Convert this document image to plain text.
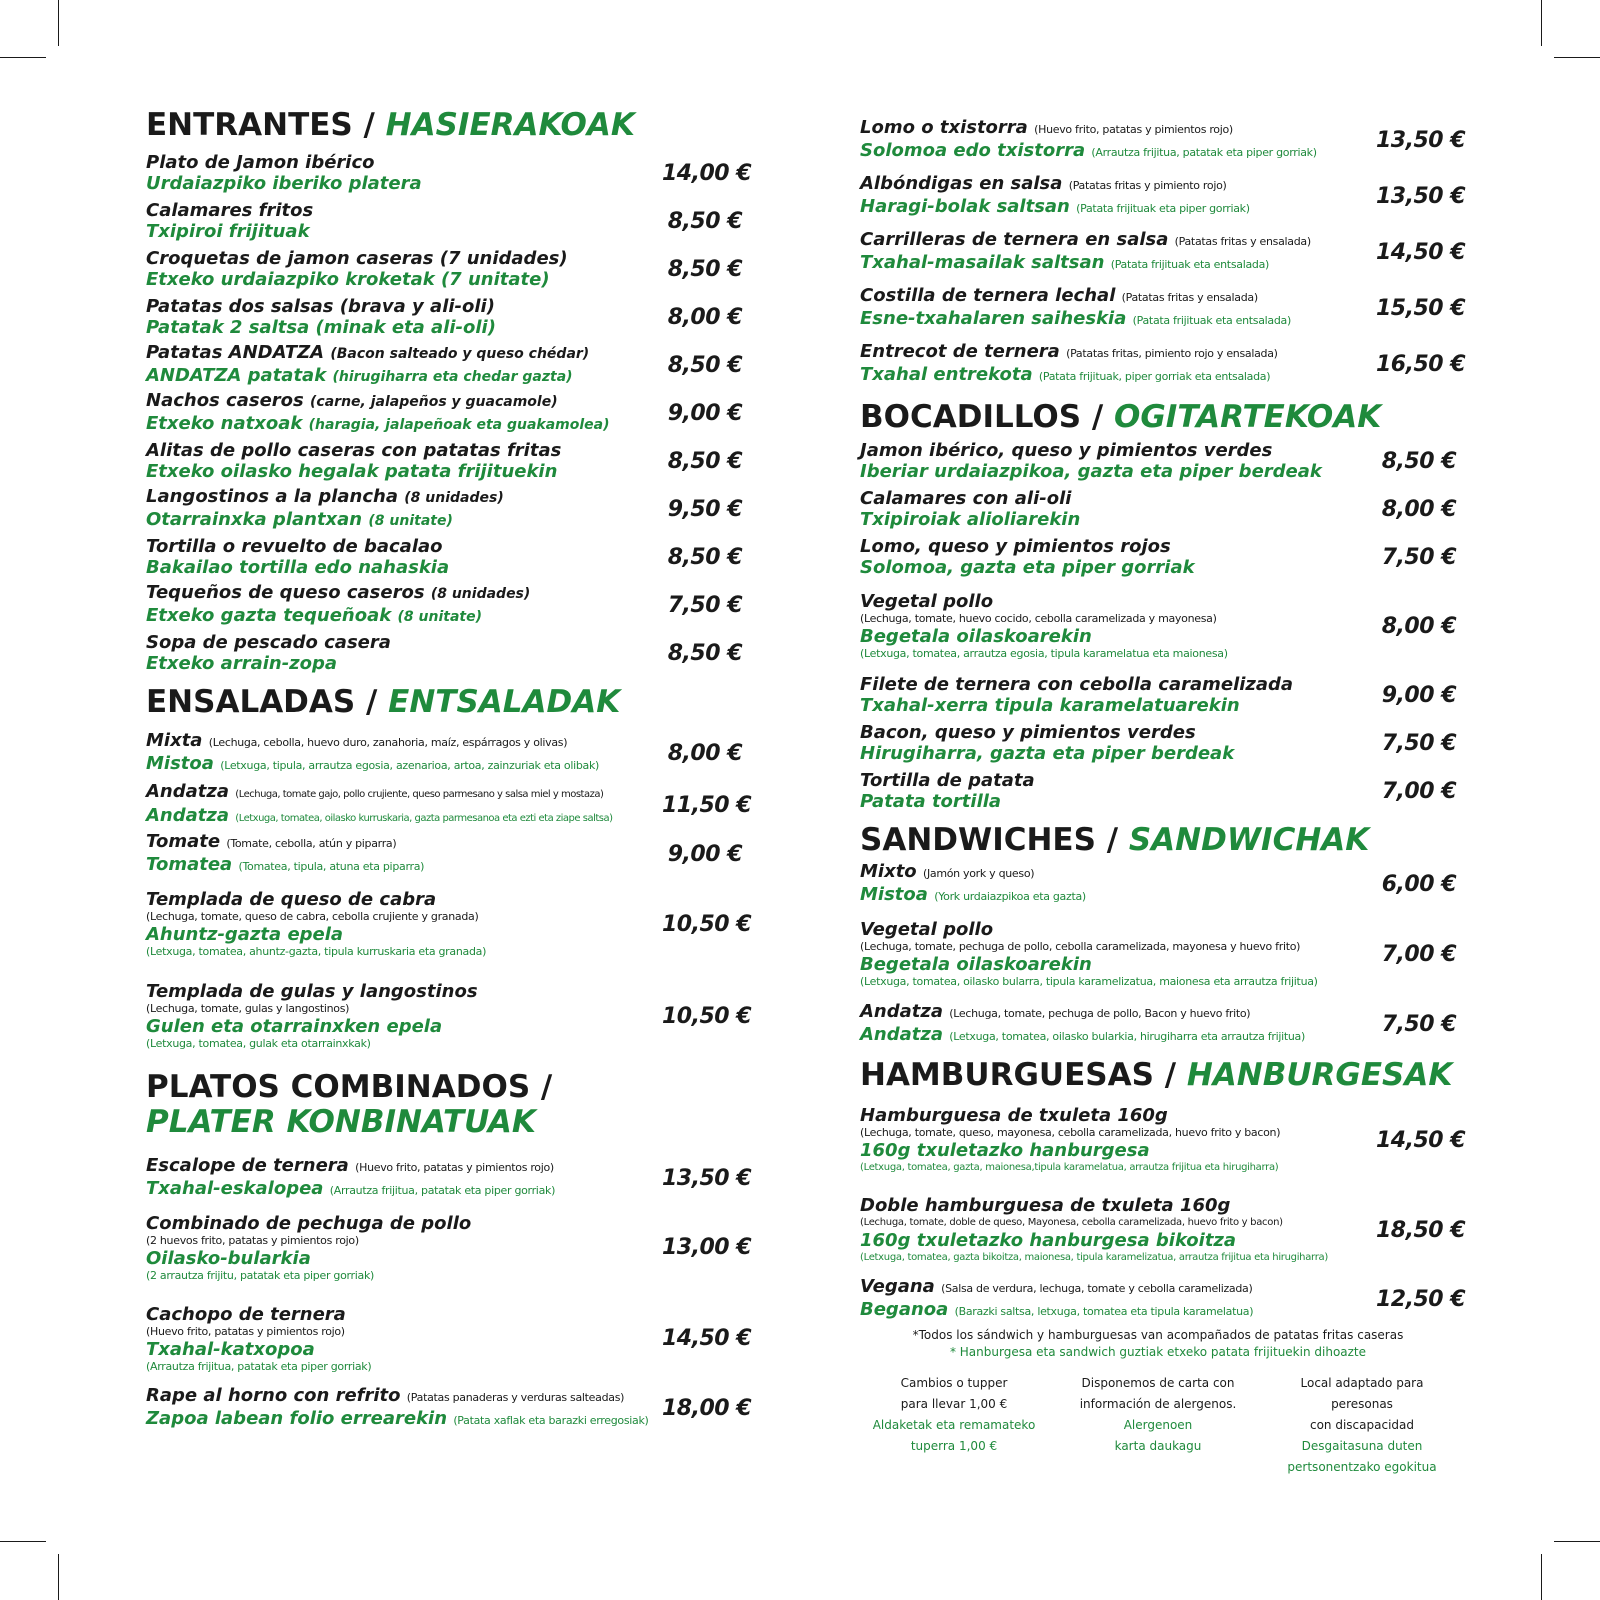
ENTRANTES / HASIERAKOAK
Plato de Jamon ibérico
Urdaiazpiko iberiko platera	14,00 €
Calamares fritos
Txipiroi frijituak	8,50 €
Croquetas de jamon caseras (7 unidades)
Etxeko urdaiazpiko kroketak (7 unitate)	8,50 €
Patatas dos salsas (brava y ali-oli)
Patatak 2 saltsa (minak eta ali-oli)	8,00 €
Patatas ANDATZA (Bacon salteado y queso chédar)
ANDATZA patatak (hirugiharra eta chedar gazta)	8,50 €
Nachos caseros (carne, jalapeños y guacamole)
Etxeko natxoak (haragia, jalapeñoak eta guakamolea)	9,00 €
Alitas de pollo caseras con patatas fritas
Etxeko oilasko hegalak patata frijituekin	8,50 €
Langostinos a la plancha (8 unidades)
Otarrainxka plantxan (8 unitate)	9,50 €
Tortilla o revuelto de bacalao
Bakailao tortilla edo nahaskia	8,50 €
Tequeños de queso caseros (8 unidades)
Etxeko gazta tequeñoak (8 unitate)	7,50 €
Sopa de pescado casera
Etxeko arrain-zopa	8,50 €
ENSALADAS / ENTSALADAK
Mixta (Lechuga, cebolla, huevo duro, zanahoria, maíz, espárragos y olivas)
Mistoa (Letxuga, tipula, arrautza egosia, azenarioa, artoa, zainzuriak eta olibak)	8,00 €
Andatza (Lechuga, tomate gajo, pollo crujiente, queso parmesano y salsa miel y mostaza)
Andatza (Letxuga, tomatea, oilasko kurruskaria, gazta parmesanoa eta ezti eta ziape saltsa)
11,50 €
Tomate (Tomate, cebolla, atún y piparra)
Tomatea (Tomatea, tipula, atuna eta piparra)	9,00 €
Templada de queso de cabra
(Lechuga, tomate, queso de cabra, cebolla crujiente y granada)
Ahuntz-gazta epela
(Letxuga, tomatea, ahuntz-gazta, tipula kurruskaria eta granada)
10,50 €
Templada de gulas y langostinos
(Lechuga, tomate, gulas y langostinos)
Gulen eta otarrainxken epela
(Letxuga, tomatea, gulak eta otarrainxkak)
10,50 €
PLATOS COMBINADOS /
PLATER KONBINATUAK
Escalope de ternera (Huevo frito, patatas y pimientos rojo)
Txahal-eskalopea (Arrautza frijitua, patatak eta piper gorriak)	13,50 €
Combinado de pechuga de pollo
(2 huevos frito, patatas y pimientos rojo)
Oilasko-bularkia
(2 arrautza frijitu, patatak eta piper gorriak)
13,00 €
Cachopo de ternera
(Huevo frito, patatas y pimientos rojo)
Txahal-katxopoa
(Arrautza frijitua, patatak eta piper gorriak)
14,50 €
Rape al horno con refrito (Patatas panaderas y verduras salteadas)
Zapoa labean folio errearekin (Patata xaflak eta barazki erregosiak) 18,00 €
Lomo o txistorra (Huevo frito, patatas y pimientos rojo)
Solomoa edo txistorra (Arrautza frijitua, patatak eta piper gorriak)	13,50 €
Albóndigas en salsa (Patatas fritas y pimiento rojo)
Haragi-bolak saltsan (Patata frijituak eta piper gorriak)	13,50 €
Carrilleras de ternera en salsa (Patatas fritas y ensalada)
Txahal-masailak saltsan (Patata frijituak eta entsalada)	14,50 €
Costilla de ternera lechal (Patatas fritas y ensalada)
Esne-txahalaren saiheskia (Patata frijituak eta entsalada)	15,50 €
Entrecot de ternera (Patatas fritas, pimiento rojo y ensalada)
Txahal entrekota (Patata frijituak, piper gorriak eta entsalada)	16,50 €
BOCADILLOS / OGITARTEKOAK
Jamon ibérico, queso y pimientos verdes
Iberiar urdaiazpikoa, gazta eta piper berdeak	8,50 €
Calamares con ali-oli
Txipiroiak alioliarekin	8,00 €
Lomo, queso y pimientos rojos
Solomoa, gazta eta piper gorriak	7,50 €
Vegetal pollo
(Lechuga, tomate, huevo cocido, cebolla caramelizada y mayonesa)
Begetala oilaskoarekin
(Letxuga, tomatea, arrautza egosia, tipula karamelatua eta maionesa)
8,00 €
Filete de ternera con cebolla caramelizada
Txahal-xerra tipula karamelatuarekin	9,00 €
Bacon, queso y pimientos verdes
Hirugiharra, gazta eta piper berdeak	7,50 €
Tortilla de patata
Patata tortilla	7,00 €
SANDWICHES / SANDWICHAK
Mixto (Jamón york y queso)
Mistoa (York urdaiazpikoa eta gazta)	6,00 €
Vegetal pollo
(Lechuga, tomate, pechuga de pollo, cebolla caramelizada, mayonesa y huevo frito)
Begetala oilaskoarekin
(Letxuga, tomatea, oilasko bularra, tipula karamelizatua, maionesa eta arrautza frijitua)
7,00 €
Andatza (Lechuga, tomate, pechuga de pollo, Bacon y huevo frito)
Andatza (Letxuga, tomatea, oilasko bularkia, hirugiharra eta arrautza frijitua)	7,50 €
HAMBURGUESAS / HANBURGESAK
Hamburguesa de txuleta 160g
(Lechuga, tomate, queso, mayonesa, cebolla caramelizada, huevo frito y bacon)
160g txuletazko hanburgesa
(Letxuga, tomatea, gazta, maionesa,tipula karamelatua, arrautza frijitua eta hirugiharra)
14,50 €
Doble hamburguesa de txuleta 160g
(Lechuga, tomate, doble de queso, Mayonesa, cebolla caramelizada, huevo frito y bacon)
160g txuletazko hanburgesa bikoitza
(Letxuga, tomatea, gazta bikoitza, maionesa, tipula karamelizatua, arrautza frijitua eta hirugiharra)
18,50 €
Vegana (Salsa de verdura, lechuga, tomate y cebolla caramelizada)
Beganoa (Barazki saltsa, letxuga, tomatea eta tipula karamelatua)	12,50 €
*Todos los sándwich y hamburguesas van acompañados de patatas fritas caseras
* Hanburgesa eta sandwich guztiak etxeko patata frijituekin dihoazte
Cambios o tupper
para llevar 1,00 €
Aldaketak eta remamateko
tuperra 1,00 €
Disponemos de carta con
información de alergenos.
Alergenoen
karta daukagu
Local adaptado para peresonas
con discapacidad
Desgaitasuna duten
pertsonentzako egokitua
